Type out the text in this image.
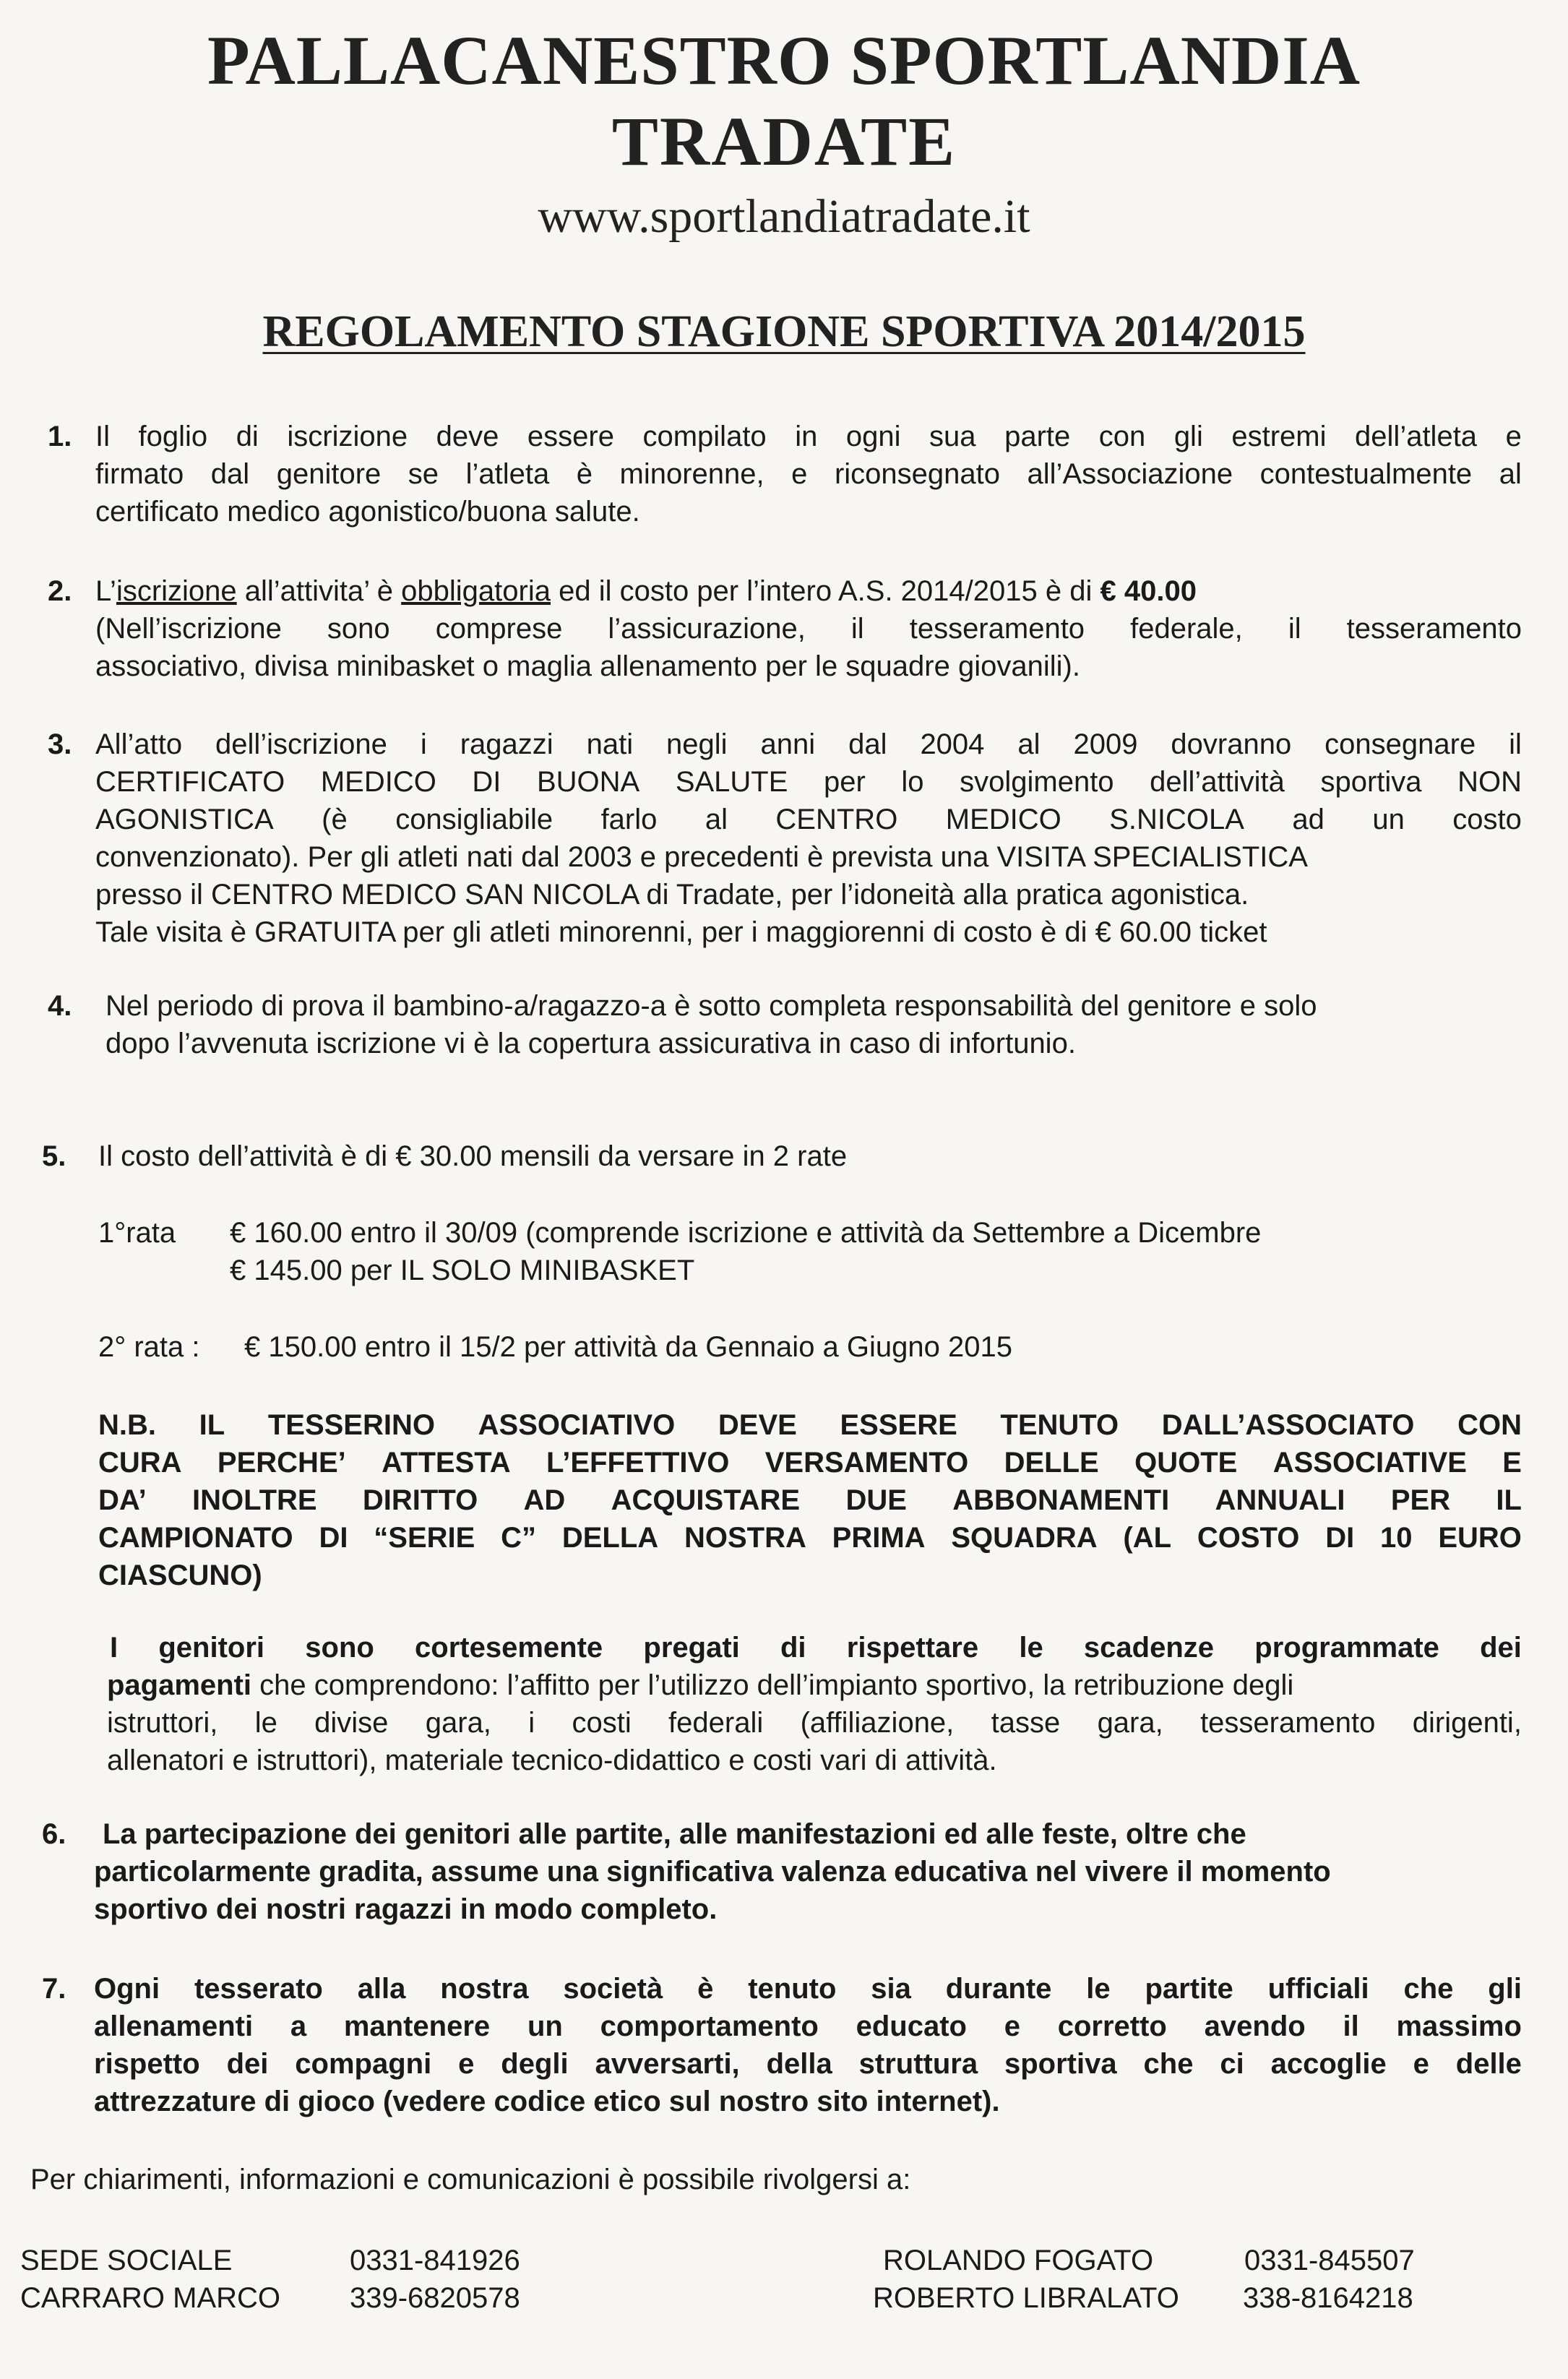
PALLACANESTRO SPORTLANDIA
TRADATE
www.sportlandiatradate.it
REGOLAMENTO STAGIONE SPORTIVA 2014/2015
1. Il foglio di iscrizione deve essere compilato in ogni sua parte con gli estremi dell’atleta e
firmato dal genitore se l’atleta è minorenne, e riconsegnato all’Associazione contestualmente al
certificato medico agonistico/buona salute.
2. L’iscrizione all’attivita’ è obbligatoria ed il costo per l’intero A.S. 2014/2015 è di € 40.00
(Nell’iscrizione sono comprese l’assicurazione, il tesseramento federale, il tesseramento
associativo, divisa minibasket o maglia allenamento per le squadre giovanili).
3. All’atto dell’iscrizione i ragazzi nati negli anni dal 2004 al 2009 dovranno consegnare il
CERTIFICATO MEDICO DI BUONA SALUTE per lo svolgimento dell’attività sportiva NON
AGONISTICA (è consigliabile farlo al CENTRO MEDICO S.NICOLA ad un costo
convenzionato). Per gli atleti nati dal 2003 e precedenti è prevista una VISITA SPECIALISTICA
presso il CENTRO MEDICO SAN NICOLA di Tradate, per l’idoneità alla pratica agonistica.
Tale visita è GRATUITA per gli atleti minorenni, per i maggiorenni di costo è di € 60.00 ticket
4. Nel periodo di prova il bambino-a/ragazzo-a è sotto completa responsabilità del genitore e solo
dopo l’avvenuta iscrizione vi è la copertura assicurativa in caso di infortunio.
5. Il costo dell’attività è di € 30.00 mensili da versare in 2 rate
1°rata € 160.00 entro il 30/09 (comprende iscrizione e attività da Settembre a Dicembre
€ 145.00 per IL SOLO MINIBASKET
2° rata : € 150.00 entro il 15/2 per attività da Gennaio a Giugno 2015
N.B. IL TESSERINO ASSOCIATIVO DEVE ESSERE TENUTO DALL’ASSOCIATO CON
CURA PERCHE’ ATTESTA L’EFFETTIVO VERSAMENTO DELLE QUOTE ASSOCIATIVE E
DA’ INOLTRE DIRITTO AD ACQUISTARE DUE ABBONAMENTI ANNUALI PER IL
CAMPIONATO DI “SERIE C” DELLA NOSTRA PRIMA SQUADRA (AL COSTO DI 10 EURO
CIASCUNO)
I genitori sono cortesemente pregati di rispettare le scadenze programmate dei
pagamenti che comprendono: l’affitto per l’utilizzo dell’impianto sportivo, la retribuzione degli
istruttori, le divise gara, i costi federali (affiliazione, tasse gara, tesseramento dirigenti,
allenatori e istruttori), materiale tecnico-didattico e costi vari di attività.
6. La partecipazione dei genitori alle partite, alle manifestazioni ed alle feste, oltre che
particolarmente gradita, assume una significativa valenza educativa nel vivere il momento
sportivo dei nostri ragazzi in modo completo.
7. Ogni tesserato alla nostra società è tenuto sia durante le partite ufficiali che gli
allenamenti a mantenere un comportamento educato e corretto avendo il massimo
rispetto dei compagni e degli avversarti, della struttura sportiva che ci accoglie e delle
attrezzature di gioco (vedere codice etico sul nostro sito internet).
Per chiarimenti, informazioni e comunicazioni è possibile rivolgersi a:
SEDE SOCIALE	0331-841926
CARRARO MARCO 339-6820578
ROLANDO FOGATO	0331-845507
ROBERTO LIBRALATO 338-8164218
